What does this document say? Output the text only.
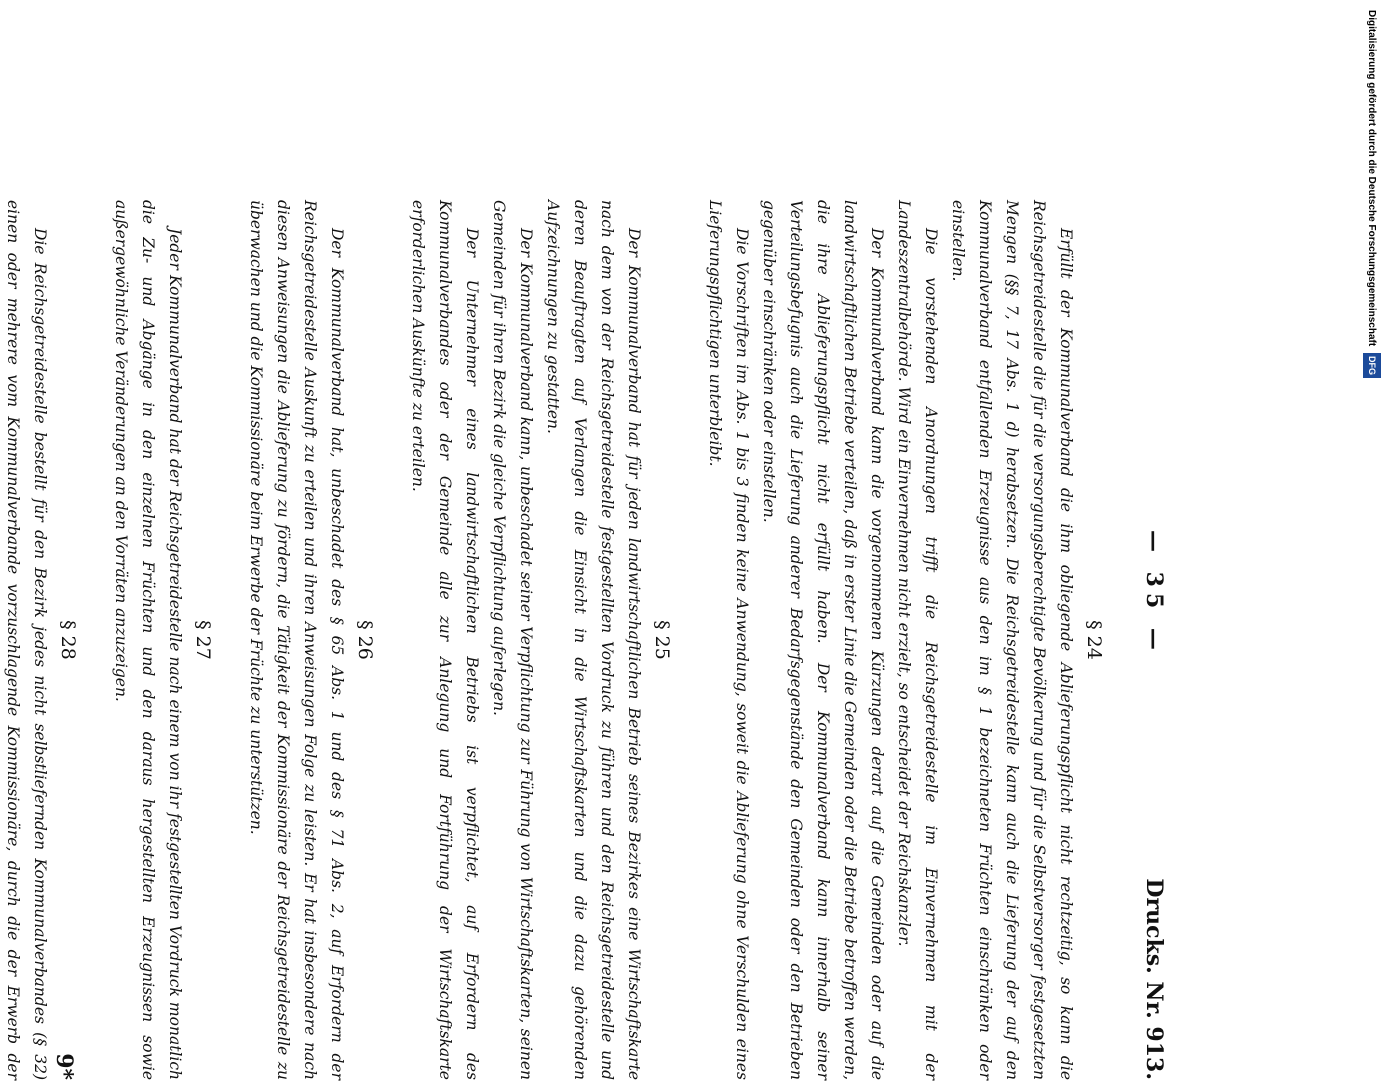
— 35 —
Drucks. Nr. 913.
§ 24

Erfüllt der Kommunalverband die ihm obliegende Ablieferungspflicht nicht rechtzeitig, so kann die Reichsgetreidestelle die für die versorgungsberechtigte Bevölkerung und für die Selbstversorger festgesetzten Mengen (§§ 7, 17 Abs. 1 d) herabsetzen. Die Reichsgetreidestelle kann auch die Lieferung der auf den Kommunalverband entfallenden Erzeugnisse aus den im § 1 bezeichneten Früchten einschränken oder einstellen.

Die vorstehenden Anordnungen trifft die Reichsgetreidestelle im Einvernehmen mit der Landeszentralbehörde. Wird ein Einvernehmen nicht erzielt, so entscheidet der Reichskanzler.

Der Kommunalverband kann die vorgenommenen Kürzungen derart auf die Gemeinden oder auf die landwirtschaftlichen Betriebe verteilen, daß in erster Linie die Gemeinden oder die Betriebe betroffen werden, die ihre Ablieferungspflicht nicht erfüllt haben. Der Kommunalverband kann innerhalb seiner Verteilungsbefugnis auch die Lieferung anderer Bedarfsgegenstände den Gemeinden oder den Betrieben gegenüber einschränken oder einstellen.

Die Vorschriften im Abs. 1 bis 3 finden keine Anwendung, soweit die Ablieferung ohne Verschulden eines Lieferungspflichtigen unterbleibt.

§ 25

Der Kommunalverband hat für jeden landwirtschaftlichen Betrieb seines Bezirkes eine Wirtschaftskarte nach dem von der Reichsgetreidestelle festgestellten Vordruck zu führen und den Reichsgetreidestelle und deren Beauftragten auf Verlangen die Einsicht in die Wirtschaftskarten und die dazu gehörenden Aufzeichnungen zu gestatten.

Der Kommunalverband kann, unbeschadet seiner Verpflichtung zur Führung von Wirtschaftskarten, seinen Gemeinden für ihren Bezirk die gleiche Verpflichtung auferlegen.

Der Unternehmer eines landwirtschaftlichen Betriebs ist verpflichtet, auf Erfordern des Kommunalverbandes oder der Gemeinde alle zur Anlegung und Fortführung der Wirtschaftskarte erforderlichen Auskünfte zu erteilen.

§ 26

Der Kommunalverband hat, unbeschadet des § 65 Abs. 1 und des § 71 Abs. 2, auf Erfordern der Reichsgetreidestelle Auskunft zu erteilen und ihren Anweisungen Folge zu leisten. Er hat insbesondere nach diesen Anweisungen die Ablieferung zu fördern, die Tätigkeit der Kommissionäre der Reichsgetreidestelle zu überwachen und die Kommissionäre beim Erwerbe der Früchte zu unterstützen.

§ 27

Jeder Kommunalverband hat der Reichsgetreidestelle nach einem von ihr festgestellten Vordruck monatlich die Zu- und Abgänge in den einzelnen Früchten und den daraus hergestellten Erzeugnissen sowie außergewöhnliche Veränderungen an den Vorräten anzuzeigen.

§ 28

Die Reichsgetreidestelle bestellt für den Bezirk jedes nicht selbstliefernden Kommunalverbandes (§ 32) einen oder mehrere vom Kommunalverbande vorzuschlagende Kommissionäre, durch die der Erwerb der	9*
Digitalisierung gefördert durch die Deutsche Forschungsgemeinschaft DFG
